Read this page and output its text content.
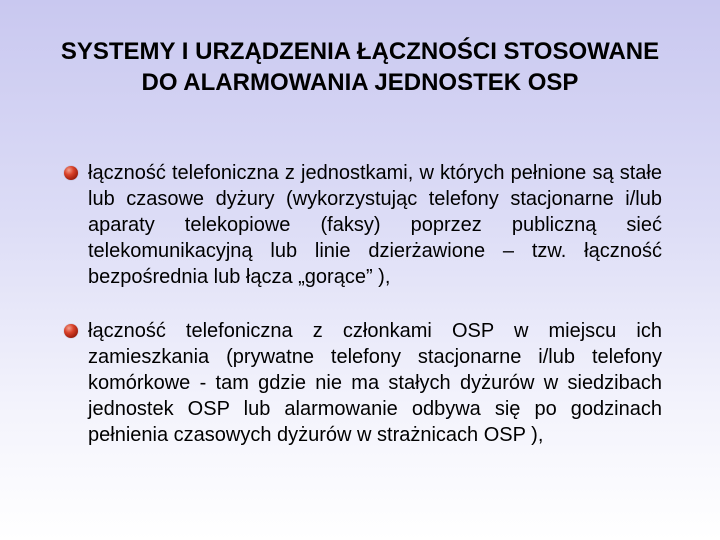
SYSTEMY I URZĄDZENIA ŁĄCZNOŚCI STOSOWANE
DO ALARMOWANIA JEDNOSTEK OSP
łączność telefoniczna z jednostkami, w których pełnione są stałe lub czasowe dyżury (wykorzystując telefony stacjonarne i/lub aparaty telekopiowe (faksy) poprzez publiczną sieć telekomunikacyjną lub linie dzierżawione – tzw. łączność bezpośrednia lub łącza „gorące” ),
łączność telefoniczna z członkami OSP w miejscu ich zamieszkania (prywatne telefony stacjonarne i/lub telefony komórkowe - tam gdzie nie ma stałych dyżurów w siedzibach jednostek OSP lub alarmowanie odbywa się po godzinach pełnienia czasowych dyżurów w strażnicach OSP ),
